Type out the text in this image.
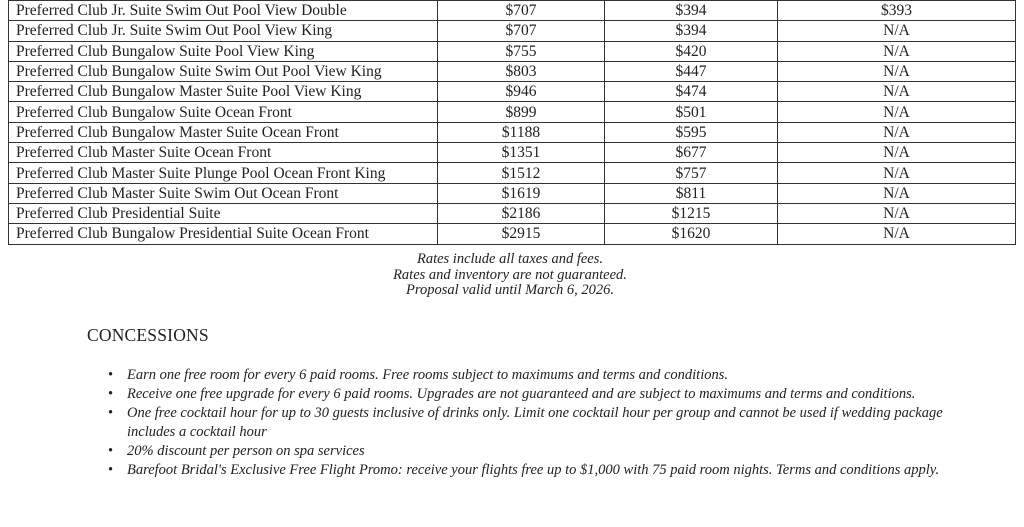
Preferred Club Jr. Suite Swim Out Pool View Double	$707	$394	$393
Preferred Club Jr. Suite Swim Out Pool View King	$707	$394	N/A
Preferred Club Bungalow Suite Pool View King	$755	$420	N/A
Preferred Club Bungalow Suite Swim Out Pool View King	$803	$447	N/A
Preferred Club Bungalow Master Suite Pool View King	$946	$474	N/A
Preferred Club Bungalow Suite Ocean Front	$899	$501	N/A
Preferred Club Bungalow Master Suite Ocean Front	$1188	$595	N/A
Preferred Club Master Suite Ocean Front	$1351	$677	N/A
Preferred Club Master Suite Plunge Pool Ocean Front King	$1512	$757	N/A
Preferred Club Master Suite Swim Out Ocean Front	$1619	$811	N/A
Preferred Club Presidential Suite	$2186	$1215	N/A
Preferred Club Bungalow Presidential Suite Ocean Front	$2915	$1620	N/A
Rates include all taxes and fees.
Rates and inventory are not guaranteed.
Proposal valid until March 6, 2026.
CONCESSIONS
• Earn one free room for every 6 paid rooms. Free rooms subject to maximums and terms and conditions.
• Receive one free upgrade for every 6 paid rooms. Upgrades are not guaranteed and are subject to maximums and terms and conditions.
• One free cocktail hour for up to 30 guests inclusive of drinks only. Limit one cocktail hour per group and cannot be used if wedding package includes a cocktail hour
• 20% discount per person on spa services
• Barefoot Bridal's Exclusive Free Flight Promo: receive your flights free up to $1,000 with 75 paid room nights. Terms and conditions apply.
